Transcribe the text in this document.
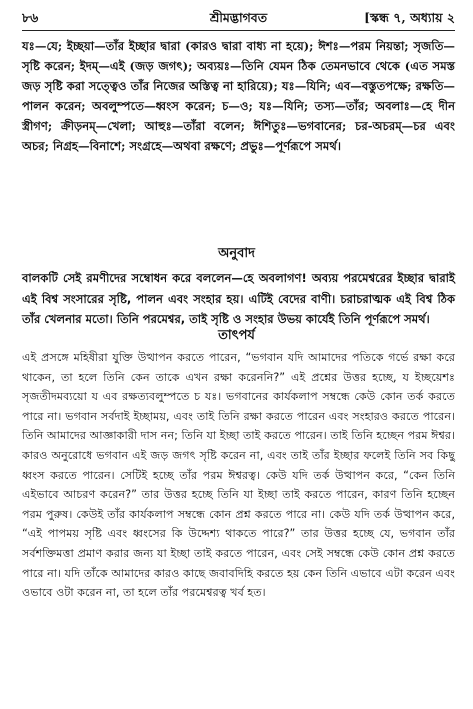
৮৬	শ্রীমদ্ভাগবত	[স্কন্ধ ৭, অধ্যায় ২
যঃ—যে; ইচ্ছয়া—তাঁর ইচ্ছার দ্বারা (কারও দ্বারা বাধ্য না হয়ে); ঈশঃ—পরম নিয়ন্তা; সৃজতি—সৃষ্টি করেন; ইদম্—এই (জড় জগৎ); অব্যয়ঃ—তিনি যেমন ঠিক তেমনভাবে থেকে (এত সমস্ত জড় সৃষ্টি করা সত্ত্বেও তাঁর নিজের অস্তিত্ব না হারিয়ে); যঃ—যিনি; এব—বস্তুতপক্ষে; রক্ষতি—পালন করেন; অবলুম্পতে—ধ্বংস করেন; চ—ও; যঃ—যিনি; তস্য—তাঁর; অবলাঃ—হে দীন স্ত্রীগণ; ক্রীড়নম্—খেলা; আহুঃ—তাঁরা বলেন; ঈশিতুঃ—ভগবানের; চর-অচরম্—চর এবং অচর; নিগ্রহ—বিনাশে; সংগ্রহে—অথবা রক্ষণে; প্রভুঃ—পূর্ণরূপে সমর্থ।
অনুবাদ
বালকটি সেই রমণীদের সম্বোধন করে বললেন—হে অবলাগণ! অব্যয় পরমেশ্বরের ইচ্ছার দ্বারাই এই বিশ্ব সংসারের সৃষ্টি, পালন এবং সংহার হয়। এটিই বেদের বাণী। চরাচরাত্মক এই বিশ্ব ঠিক তাঁর খেলনার মতো। তিনি পরমেশ্বর, তাই সৃষ্টি ও সংহার উভয় কার্যেই তিনি পূর্ণরূপে সমর্থ।
তাৎপর্য
এই প্রসঙ্গে মহিষীরা যুক্তি উত্থাপন করতে পারেন, “ভগবান যদি আমাদের পতিকে গর্ভে রক্ষা করে থাকেন, তা হলে তিনি কেন তাকে এখন রক্ষা করেননি?” এই প্রশ্নের উত্তর হচ্ছে, য ইচ্ছয়েশঃ সৃজতীদমব্যয়ো য এব রক্ষত্যবলুম্পতে চ যঃ। ভগবানের কার্যকলাপ সম্বন্ধে কেউ কোন তর্ক করতে পারে না। ভগবান সর্বদাই ইচ্ছাময়, এবং তাই তিনি রক্ষা করতে পারেন এবং সংহারও করতে পারেন। তিনি আমাদের আজ্ঞাকারী দাস নন; তিনি যা ইচ্ছা তাই করতে পারেন। তাই তিনি হচ্ছেন পরম ঈশ্বর। কারও অনুরোধে ভগবান এই জড় জগৎ সৃষ্টি করেন না, এবং তাই তাঁর ইচ্ছার ফলেই তিনি সব কিছু ধ্বংস করতে পারেন। সেটিই হচ্ছে তাঁর পরম ঈশ্বরত্ব। কেউ যদি তর্ক উত্থাপন করে, “কেন তিনি এইভাবে আচরণ করেন?” তার উত্তর হচ্ছে তিনি যা ইচ্ছা তাই করতে পারেন, কারণ তিনি হচ্ছেন পরম পুরুষ। কেউই তাঁর কার্যকলাপ সম্বন্ধে কোন প্রশ্ন করতে পারে না। কেউ যদি তর্ক উত্থাপন করে, “এই পাপময় সৃষ্টি এবং ধ্বংসের কি উদ্দেশ্য থাকতে পারে?” তার উত্তর হচ্ছে যে, ভগবান তাঁর সর্বশক্তিমত্তা প্রমাণ করার জন্য যা ইচ্ছা তাই করতে পারেন, এবং সেই সম্বন্ধে কেউ কোন প্রশ্ন করতে পারে না। যদি তাঁকে আমাদের কারও কাছে জবাবদিহি করতে হয় কেন তিনি এভাবে এটা করেন এবং ওভাবে ওটা করেন না, তা হলে তাঁর পরমেশ্বরত্ব খর্ব হত।
